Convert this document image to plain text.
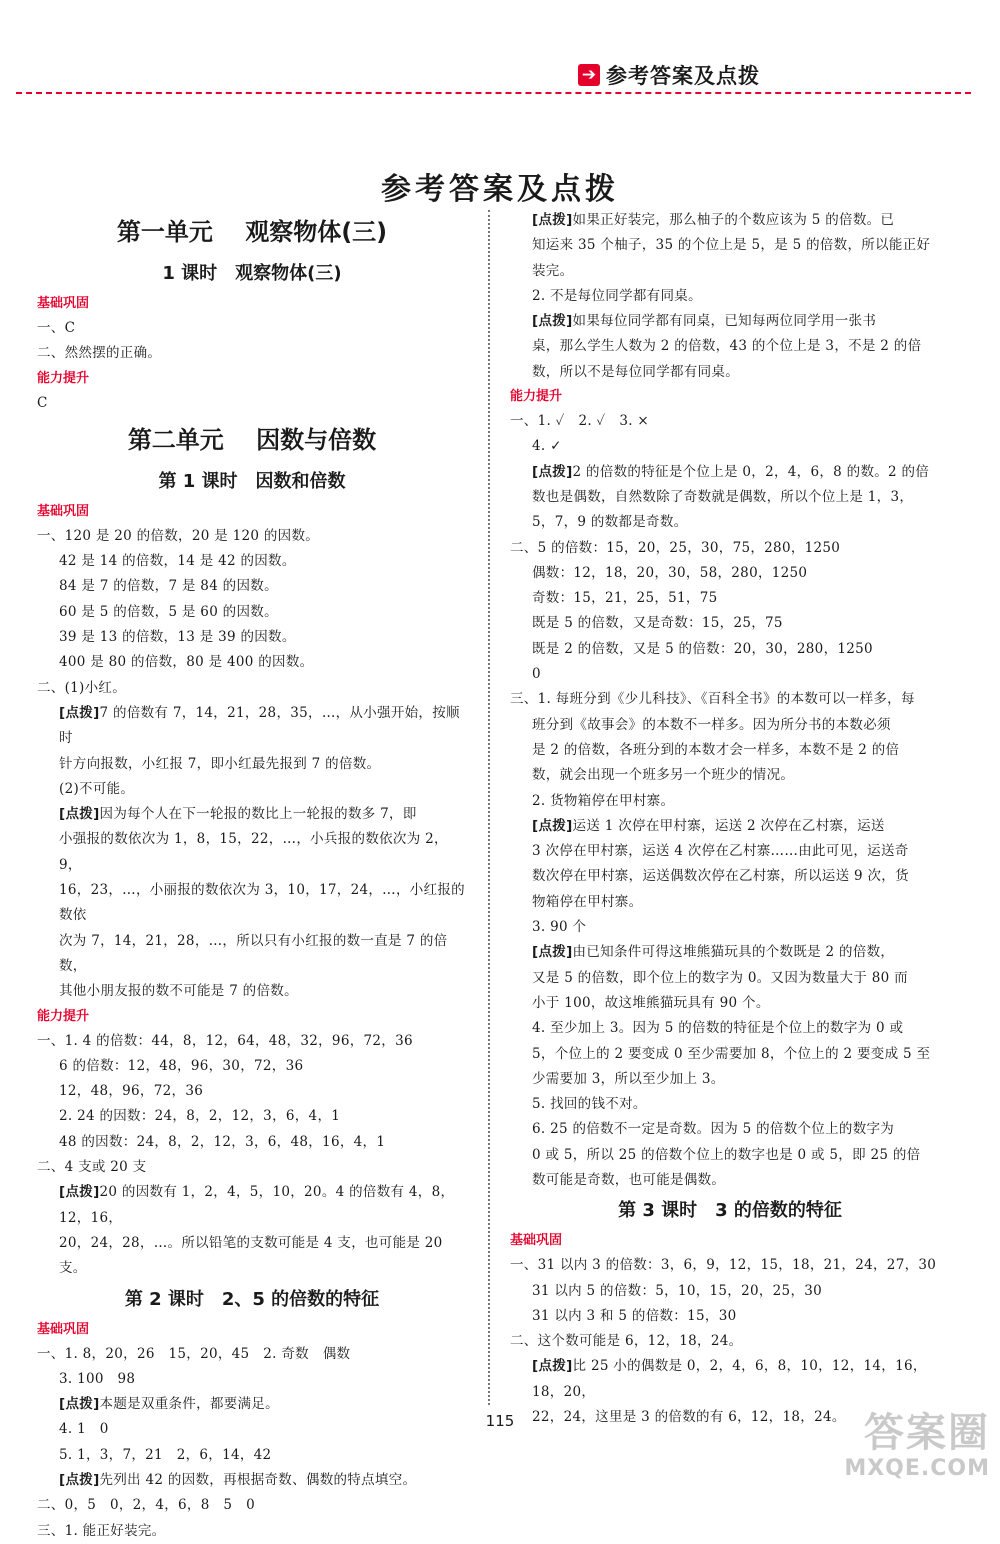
➔ 参考答案及点拨
参考答案及点拨
第一单元　 观察物体(三)
1 课时　观察物体(三)
基础巩固
一、C
二、然然摆的正确。
能力提升
C
第二单元　 因数与倍数
第 1 课时　因数和倍数
基础巩固
一、120 是 20 的倍数，20 是 120 的因数。
42 是 14 的倍数，14 是 42 的因数。
84 是 7 的倍数，7 是 84 的因数。
60 是 5 的倍数，5 是 60 的因数。
39 是 13 的倍数，13 是 39 的因数。
400 是 80 的倍数，80 是 400 的因数。
二、(1)小红。
[点拨]7 的倍数有 7，14，21，28，35，…，从小强开始，按顺时
针方向报数，小红报 7，即小红最先报到 7 的倍数。
(2)不可能。
[点拨]因为每个人在下一轮报的数比上一轮报的数多 7，即
小强报的数依次为 1，8，15，22，…，小兵报的数依次为 2，9，
16，23，…，小丽报的数依次为 3，10，17，24，…，小红报的数依
次为 7，14，21，28，…，所以只有小红报的数一直是 7 的倍数，
其他小朋友报的数不可能是 7 的倍数。
能力提升
一、1. 4 的倍数：44，8，12，64，48，32，96，72，36
6 的倍数：12，48，96，30，72，36
12，48，96，72，36
2. 24 的因数：24，8，2，12，3，6，4，1
48 的因数：24，8，2，12，3，6，48，16，4，1
二、4 支或 20 支
[点拨]20 的因数有 1，2，4，5，10，20。4 的倍数有 4，8，12，16，
20，24，28，…。所以铅笔的支数可能是 4 支，也可能是 20 支。
第 2 课时　2、5 的倍数的特征
基础巩固
一、1. 8，20，26　15，20，45　2. 奇数　偶数
3. 100　98
[点拨]本题是双重条件，都要满足。
4. 1　0
5. 1，3，7，21　2，6，14，42
[点拨]先列出 42 的因数，再根据奇数、偶数的特点填空。
二、0，5　0，2，4，6，8　5　0
三、1. 能正好装完。
[点拨]如果正好装完，那么柚子的个数应该为 5 的倍数。已
知运来 35 个柚子，35 的个位上是 5，是 5 的倍数，所以能正好
装完。
2. 不是每位同学都有同桌。
[点拨]如果每位同学都有同桌，已知每两位同学用一张书
桌，那么学生人数为 2 的倍数，43 的个位上是 3，不是 2 的倍
数，所以不是每位同学都有同桌。
能力提升
一、1. ✓　2. ✓　3. ×
4. ✓
[点拨]2 的倍数的特征是个位上是 0，2，4，6，8 的数。2 的倍
数也是偶数，自然数除了奇数就是偶数，所以个位上是 1，3，
5，7，9 的数都是奇数。
二、5 的倍数：15，20，25，30，75，280，1250
偶数：12，18，20，30，58，280，1250
奇数：15，21，25，51，75
既是 5 的倍数，又是奇数：15，25，75
既是 2 的倍数，又是 5 的倍数：20，30，280，1250
0
三、1. 每班分到《少儿科技》、《百科全书》的本数可以一样多，每
班分到《故事会》的本数不一样多。因为所分书的本数必须
是 2 的倍数，各班分到的本数才会一样多，本数不是 2 的倍
数，就会出现一个班多另一个班少的情况。
2. 货物箱停在甲村寨。
[点拨]运送 1 次停在甲村寨，运送 2 次停在乙村寨，运送
3 次停在甲村寨，运送 4 次停在乙村寨……由此可见，运送奇
数次停在甲村寨，运送偶数次停在乙村寨，所以运送 9 次，货
物箱停在甲村寨。
3. 90 个
[点拨]由已知条件可得这堆熊猫玩具的个数既是 2 的倍数，
又是 5 的倍数，即个位上的数字为 0。又因为数量大于 80 而
小于 100，故这堆熊猫玩具有 90 个。
4. 至少加上 3。因为 5 的倍数的特征是个位上的数字为 0 或
5，个位上的 2 要变成 0 至少需要加 8，个位上的 2 要变成 5 至
少需要加 3，所以至少加上 3。
5. 找回的钱不对。
6. 25 的倍数不一定是奇数。因为 5 的倍数个位上的数字为
0 或 5，所以 25 的倍数个位上的数字也是 0 或 5，即 25 的倍
数可能是奇数，也可能是偶数。
第 3 课时　3 的倍数的特征
基础巩固
一、31 以内 3 的倍数：3，6，9，12，15，18，21，24，27，30
31 以内 5 的倍数：5，10，15，20，25，30
31 以内 3 和 5 的倍数：15，30
二、这个数可能是 6，12，18，24。
[点拨]比 25 小的偶数是 0，2，4，6，8，10，12，14，16，18，20，
22，24，这里是 3 的倍数的有 6，12，18，24。
115	答案圈
MXQE.COM
